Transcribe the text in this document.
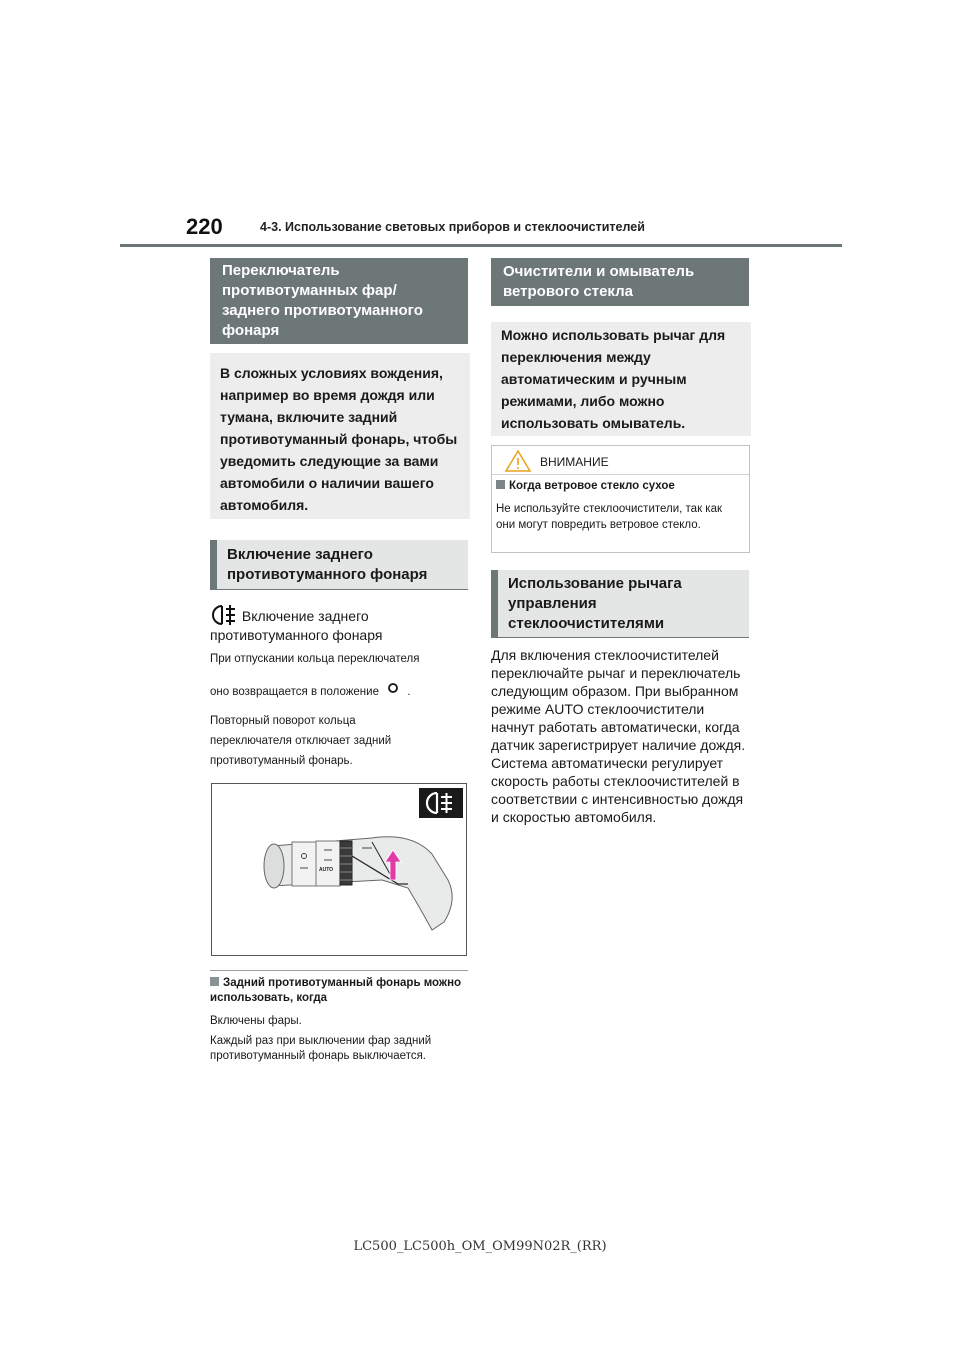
220	4-3. Использование световых приборов и стеклоочистителей
Переключатель противотуманных фар/ заднего противотуманного фонаря
В сложных условиях вождения, например во время дождя или тумана, включите задний противотуманный фонарь, чтобы уведомить следующие за вами автомобили о наличии вашего автомобиля.
Включение заднего противотуманного фонаря
Включение заднего
противотуманного фонаря
При отпускании кольца переключателя
оно возвращается в положение .
Повторный поворот кольца переключателя отключает задний противотуманный фонарь.
AUTO
Задний противотуманный фонарь можно использовать, когда
Включены фары.
Каждый раз при выключении фар задний противотуманный фонарь выключается.
Очистители и омыватель ветрового стекла
Можно использовать рычаг для переключения между автоматическим и ручным режимами, либо можно использовать омыватель.
ВНИМАНИЕ
Когда ветровое стекло сухое
Не используйте стеклоочистители, так как они могут повредить ветровое стекло.
Использование рычага управления стеклоочистителями
Для включения стеклоочистителей переключайте рычаг и переключатель следующим образом. При выбранном режиме AUTO стеклоочистители начнут работать автоматически, когда датчик зарегистрирует наличие дождя. Система автоматически регулирует скорость работы стеклоочистителей в соответствии с интенсивностью дождя и скоростью автомобиля.
LC500_LC500h_OM_OM99N02R_(RR)
